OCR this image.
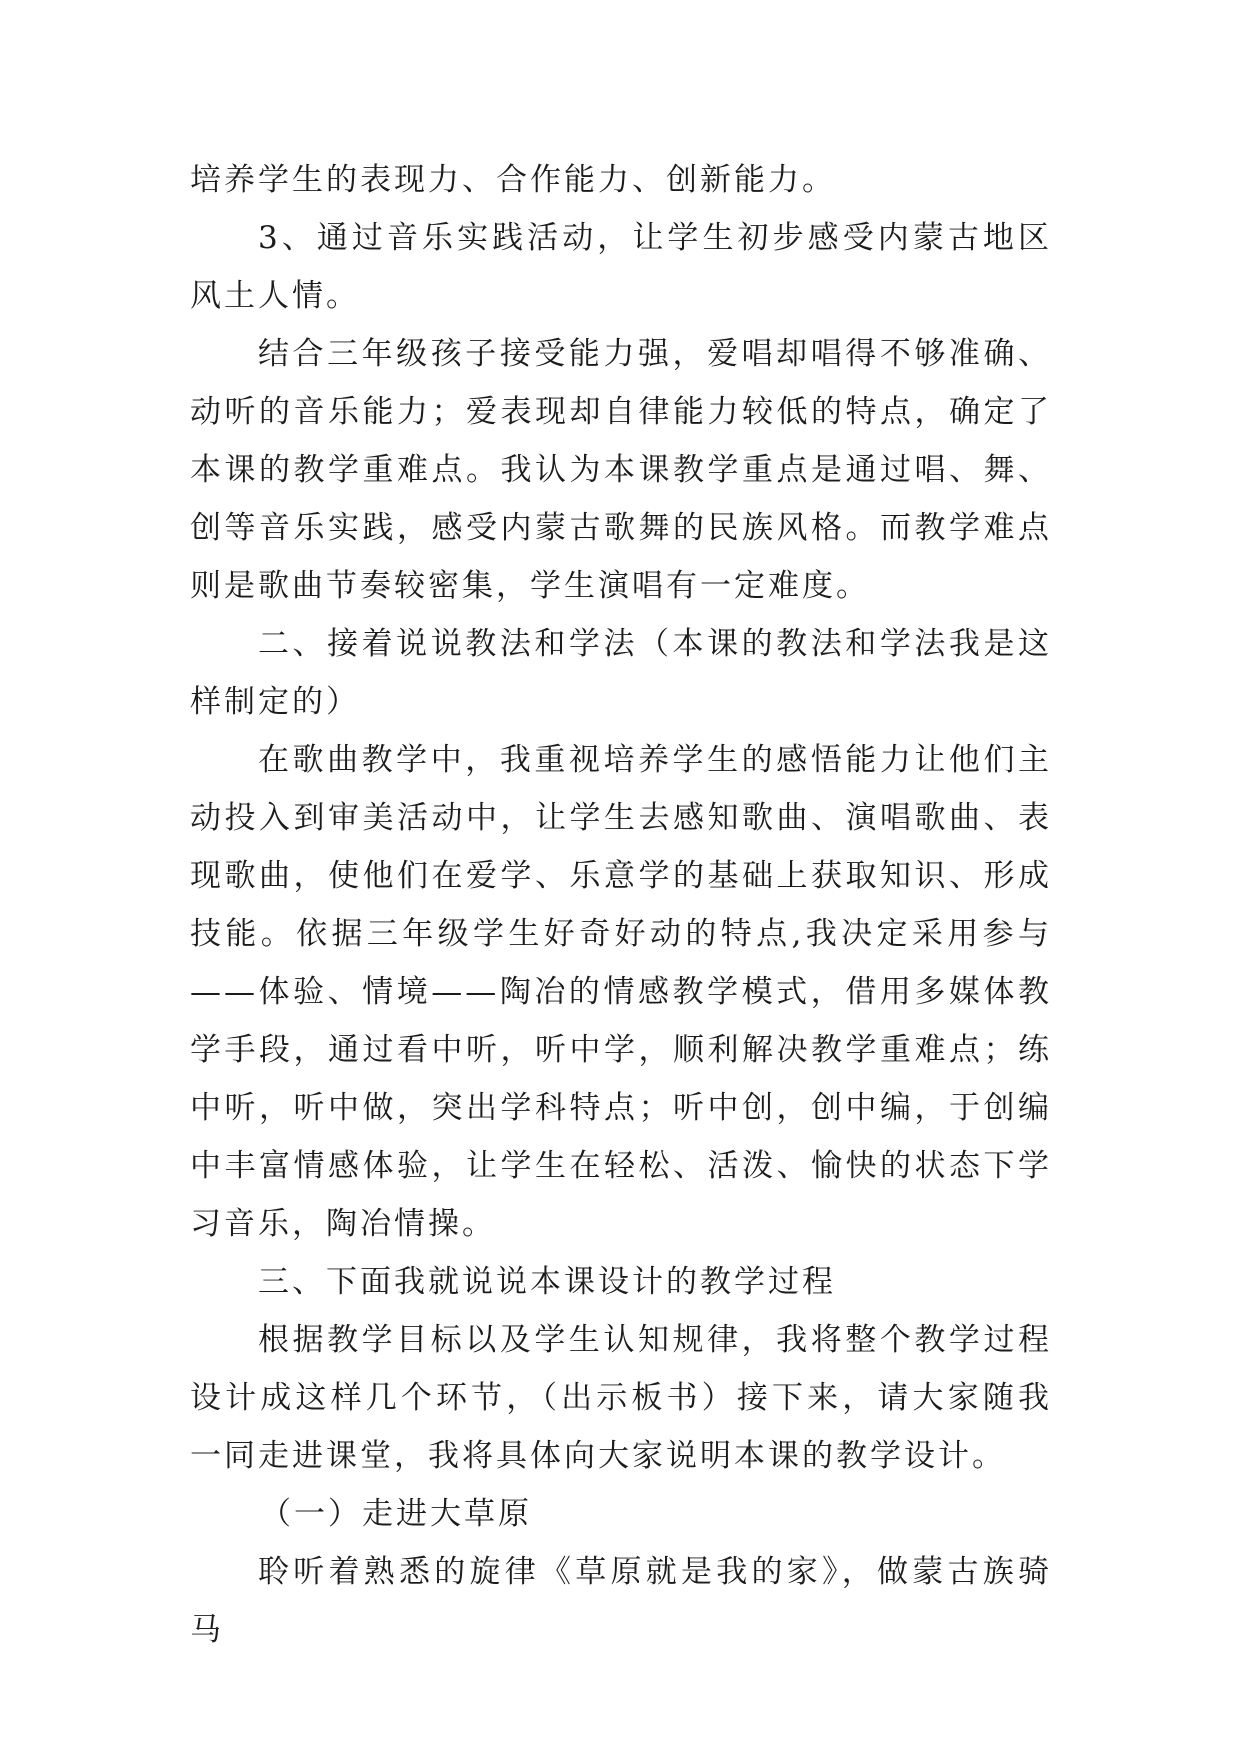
培养学生的表现力、合作能力、创新能力。

3、通过音乐实践活动，让学生初步感受内蒙古地区风土人情。

结合三年级孩子接受能力强，爱唱却唱得不够准确、动听的音乐能力；爱表现却自律能力较低的特点，确定了本课的教学重难点。我认为本课教学重点是通过唱、舞、创等音乐实践，感受内蒙古歌舞的民族风格。而教学难点则是歌曲节奏较密集，学生演唱有一定难度。

二、接着说说教法和学法（本课的教法和学法我是这样制定的）

在歌曲教学中，我重视培养学生的感悟能力让他们主动投入到审美活动中，让学生去感知歌曲、演唱歌曲、表现歌曲，使他们在爱学、乐意学的基础上获取知识、形成技能。依据三年级学生好奇好动的特点,我决定采用参与——体验、情境——陶冶的情感教学模式，借用多媒体教学手段，通过看中听，听中学，顺利解决教学重难点；练中听，听中做，突出学科特点；听中创，创中编，于创编中丰富情感体验，让学生在轻松、活泼、愉快的状态下学习音乐，陶冶情操。

三、下面我就说说本课设计的教学过程

根据教学目标以及学生认知规律，我将整个教学过程设计成这样几个环节，（出示板书）接下来，请大家随我一同走进课堂，我将具体向大家说明本课的教学设计。

（一）走进大草原

聆听着熟悉的旋律《草原就是我的家》，做蒙古族骑马
